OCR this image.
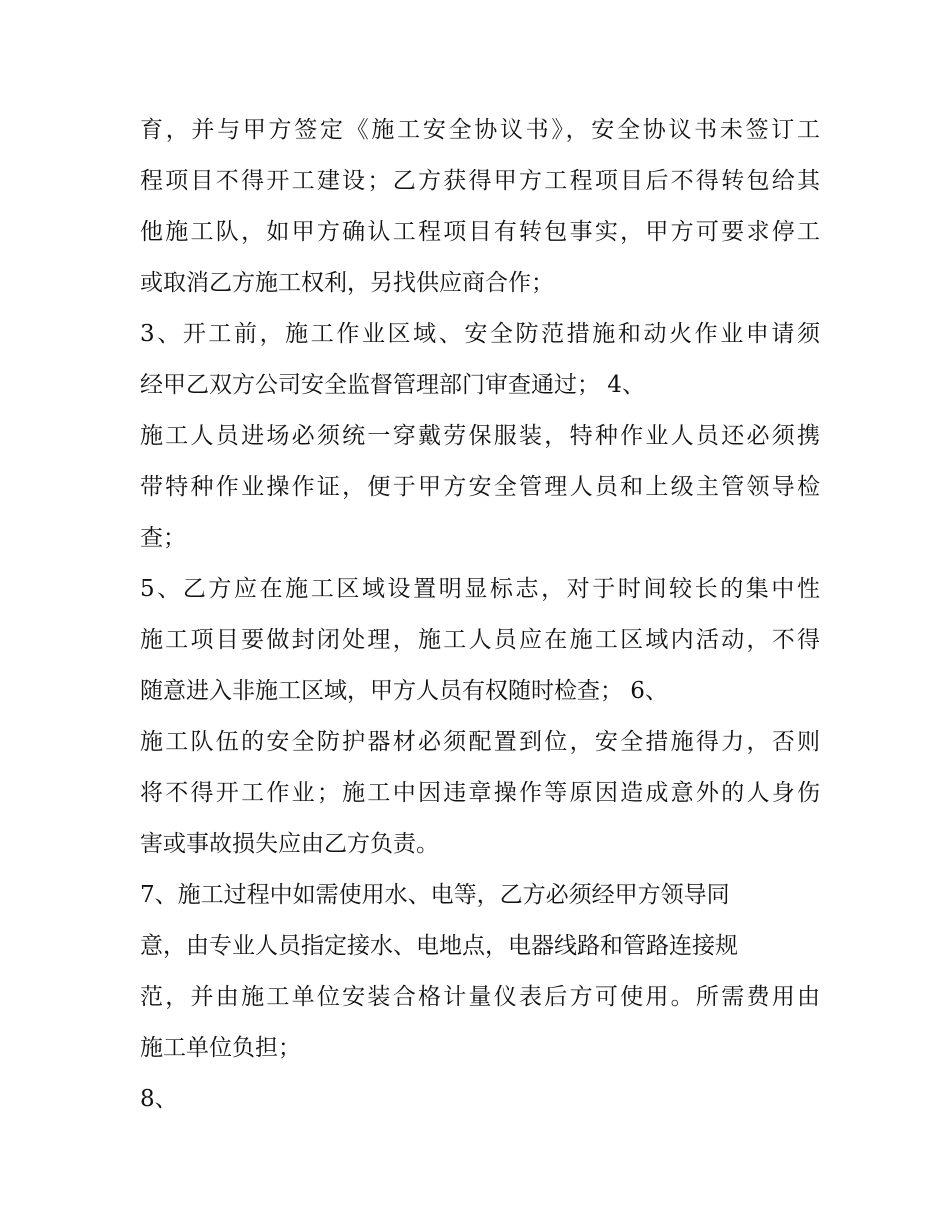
育，并与甲方签定《施工安全协议书》，安全协议书未签订工
程项目不得开工建设；乙方获得甲方工程项目后不得转包给其
他施工队，如甲方确认工程项目有转包事实，甲方可要求停工
或取消乙方施工权利，另找供应商合作；
3、开工前，施工作业区域、安全防范措施和动火作业申请须
经甲乙双方公司安全监督管理部门审查通过； 4、
施工人员进场必须统一穿戴劳保服装，特种作业人员还必须携
带特种作业操作证，便于甲方安全管理人员和上级主管领导检
查；
5、乙方应在施工区域设置明显标志，对于时间较长的集中性
施工项目要做封闭处理，施工人员应在施工区域内活动，不得
随意进入非施工区域，甲方人员有权随时检查； 6、
施工队伍的安全防护器材必须配置到位，安全措施得力，否则
将不得开工作业；施工中因违章操作等原因造成意外的人身伤
害或事故损失应由乙方负责。
7、施工过程中如需使用水、电等，乙方必须经甲方领导同
意，由专业人员指定接水、电地点，电器线路和管路连接规
范，并由施工单位安装合格计量仪表后方可使用。所需费用由
施工单位负担；
8、
